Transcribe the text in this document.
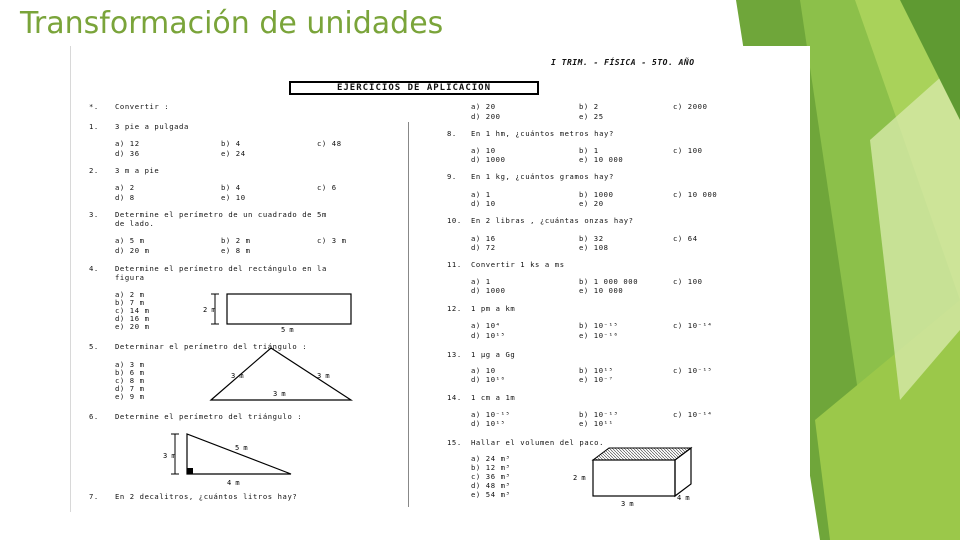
Transformación de unidades
I TRIM. - FÍSICA - 5TO. AÑO
EJERCICIOS DE APLICACIÓN
*. Convertir :
1. 3 pie a pulgada
a) 12	b) 4	c) 48
d) 36	e) 24
2. 3 m a pie
a) 2	b) 4	c) 6
d) 8	e) 10
3. Determine el perímetro de un cuadrado de 5m
de lado.
a) 5 m	b) 2 m	c) 3 m
d) 20 m	e) 8 m
4. Determine el perímetro del rectángulo en la
figura
a) 2 m
b) 7 m
c) 14 m
d) 16 m
e) 20 m
2 m
5 m
5. Determinar el perímetro del triángulo :
a) 3 m
b) 6 m
c) 8 m
d) 7 m
e) 9 m
3 m	3 m
3 m
6. Determine el perímetro del triángulo :
3 m
5 m
4 m
7. En 2 decalitros, ¿cuántos litros hay?
a) 20	b) 2	c) 2000
d) 200	e) 25
8. En 1 hm, ¿cuántos metros hay?
a) 10	b) 1	c) 100
d) 1000	e) 10 000
9. En 1 kg, ¿cuántos gramos hay?
a) 1	b) 1000	c) 10 000
d) 10	e) 20
10. En 2 libras , ¿cuántas onzas hay?
a) 16	b) 32	c) 64
d) 72	e) 108
11. Convertir 1 ks a ms
a) 1	b) 1 000 000	c) 100
d) 1000	e) 10 000
12. 1 pm a km
a) 10⁴	b) 10⁻¹⁵	c) 10⁻¹⁴
d) 10¹⁵	e) 10⁻¹⁶
13. 1 μg a Gg
a) 10	b) 10¹⁵	c) 10⁻¹⁵
d) 10¹⁰	e) 10⁻⁷
14. 1 cm a 1m
a) 10⁻¹⁵	b) 10⁻¹³	c) 10⁻¹⁴
d) 10¹⁵	e) 10¹¹
15. Hallar el volumen del paco.
a) 24 m³
b) 12 m³
c) 36 m³
d) 48 m³
e) 54 m³
2 m
3 m
4 m
